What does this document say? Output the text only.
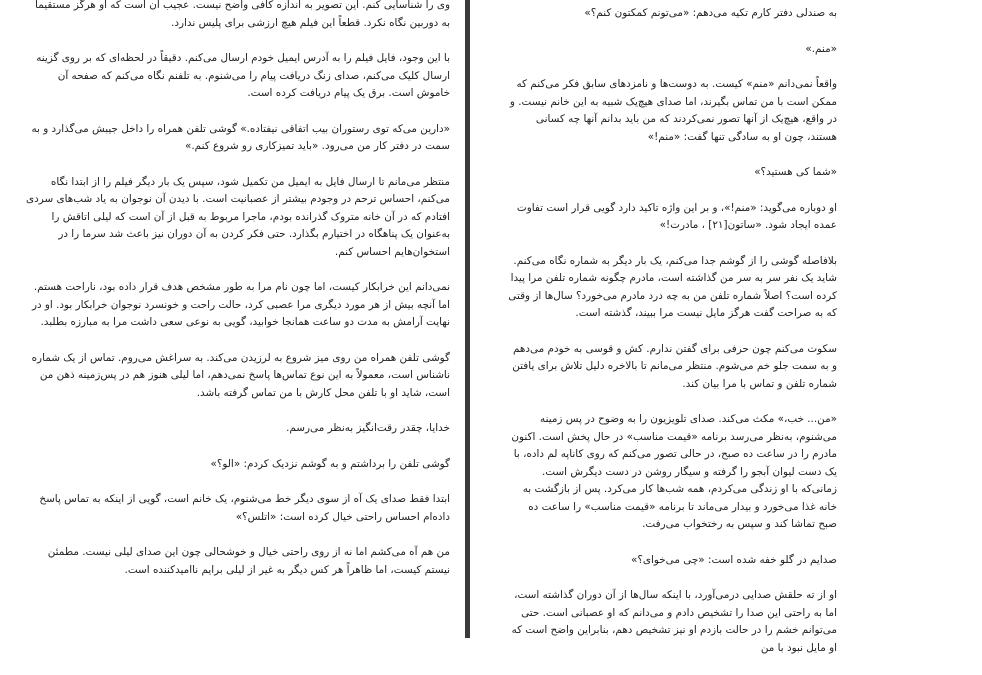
وی را شناسایی کنم. این تصویر به اندازه کافی واضح نیست. عجیب آن است که او هرگز مستقیماً به دوربین نگاه نکرد. قطعاً این فیلم هیچ ارزشی برای پلیس ندارد.

با این وجود، فایل فیلم را به آدرس ایمیل خودم ارسال می‌کنم. دقیقاً در لحظه‌ای که بر روی گزینه ارسال کلیک می‌کنم، صدای زنگ دریافت پیام را می‌شنوم. به تلفنم نگاه می‌کنم که صفحه آن خاموش است. برق یک پیام دریافت کرده است.

«دارین می‌که توی رستوران بیب اتفاقی نیفتاده.» گوشی تلفن همراه را داخل جیبش می‌گذارد و به سمت در دفتر کار من می‌رود. «باید تمیزکاری رو شروع کنم.»

منتظر می‌مانم تا ارسال فایل به ایمیل من تکمیل شود، سپس یک بار دیگر فیلم را از ابتدا نگاه می‌کنم، احساس ترحم در وجودم بیشتر از عصبانیت است. با دیدن آن نوجوان به یاد شب‌های سردی افتادم که در آن خانه متروک گذرانده بودم، ماجرا مربوط به قبل از آن است که لیلی اتاقش را به‌عنوان یک پناهگاه در اختیارم بگذارد. حتی فکر کردن به آن دوران نیز باعث شد سرما را در استخوان‌هایم احساس کنم.

نمی‌دانم این خرابکار کیست، اما چون نام مرا به طور مشخص هدف قرار داده بود، ناراحت هستم. اما آنچه بیش از هر مورد دیگری مرا عصبی کرد، حالت راحت و خونسرد نوجوان خرابکار بود. او در نهایت آرامش به مدت دو ساعت همانجا خوابید، گویی به نوعی سعی داشت مرا به مبارزه بطلبد.

گوشی تلفن همراه من روی میز شروع به لرزیدن می‌کند. به سراغش می‌روم. تماس از یک شماره ناشناس است، معمولاً به این نوع تماس‌ها پاسخ نمی‌دهم، اما لیلی هنوز هم در پس‌زمینه ذهن من است، شاید او با تلفن محل کارش با من تماس گرفته باشد.

خدایا، چقدر رقت‌انگیز به‌نظر می‌رسم.

گوشی تلفن را برداشتم و به گوشم نزدیک کردم: «الو؟»

ابتدا فقط صدای یک آه از سوی دیگر خط می‌شنوم، یک خانم است، گویی از اینکه به تماس پاسخ داده‌ام احساس راحتی خیال کرده است: «اتلس؟»

من هم آه می‌کشم اما نه از روی راحتی خیال و خوشحالی چون این صدای لیلی نیست. مطمئن نیستم کیست، اما ظاهراً هر کس دیگر به غیر از لیلی برایم ناامیدکننده است.

به صندلی دفتر کارم تکیه می‌دهم: «می‌تونم کمکتون کنم؟»

«منم.»

واقعاً نمی‌دانم «منم» کیست. به دوست‌ها و نامزدهای سابق فکر می‌کنم که ممکن است با من تماس بگیرند، اما صدای هیچ‌یک شبیه به این خانم نیست. و در واقع، هیچ‌یک از آنها تصور نمی‌کردند که من باید بدانم آنها چه کسانی هستند، چون او به سادگی تنها گفت: «منم!»

«شما کی هستید؟»

او دوباره می‌گوید: «منم!»، و بر این واژه تاکید دارد گویی قرار است تفاوت عمده ایجاد شود. «ساتون[۲۱] ، مادرت!»

بلافاصله گوشی را از گوشم جدا می‌کنم، یک بار دیگر به شماره نگاه می‌کنم. شاید یک نفر سر به سر من گذاشته است، مادرم چگونه شماره تلفن مرا پیدا کرده است؟ اصلاً شماره تلفن من به چه درد مادرم می‌خورد؟ سال‌ها از وقتی که به صراحت گفت هرگز مایل نیست مرا ببیند، گذشته است.

سکوت می‌کنم چون حرفی برای گفتن ندارم. کش و قوسی به خودم می‌دهم و به سمت جلو خم می‌شوم. منتظر می‌مانم تا بالاخره دلیل تلاش برای یافتن شماره تلفن و تماس با مرا بیان کند.

«من... خب،» مکث می‌کند. صدای تلویزیون را به وضوح در پس زمینه می‌شنوم، به‌نظر می‌رسد برنامه «قیمت مناسب» در حال پخش است. اکنون مادرم را در ساعت ده صبح، در حالی تصور می‌کنم که روی کاناپه لم داده، با یک دست لیوان آبجو را گرفته و سیگار روشن در دست دیگرش است. زمانی‌که با او زندگی می‌کردم، همه شب‌ها کار می‌کرد. پس از بازگشت به خانه غذا می‌خورد و بیدار می‌ماند تا برنامه «قیمت مناسب» را ساعت ده صبح تماشا کند و سپس به رختخواب می‌رفت.

صدایم در گلو خفه شده است: «چی می‌خوای؟»

او از ته حلقش صدایی درمی‌آورد، با اینکه سال‌ها از آن دوران گذاشته است، اما به راحتی این صدا را تشخیص دادم و می‌دانم که او عصبانی است. حتی می‌توانم خشم را در حالت بازدم او نیز تشخیص دهم، بنابراین واضح است که او مایل نبود با من
